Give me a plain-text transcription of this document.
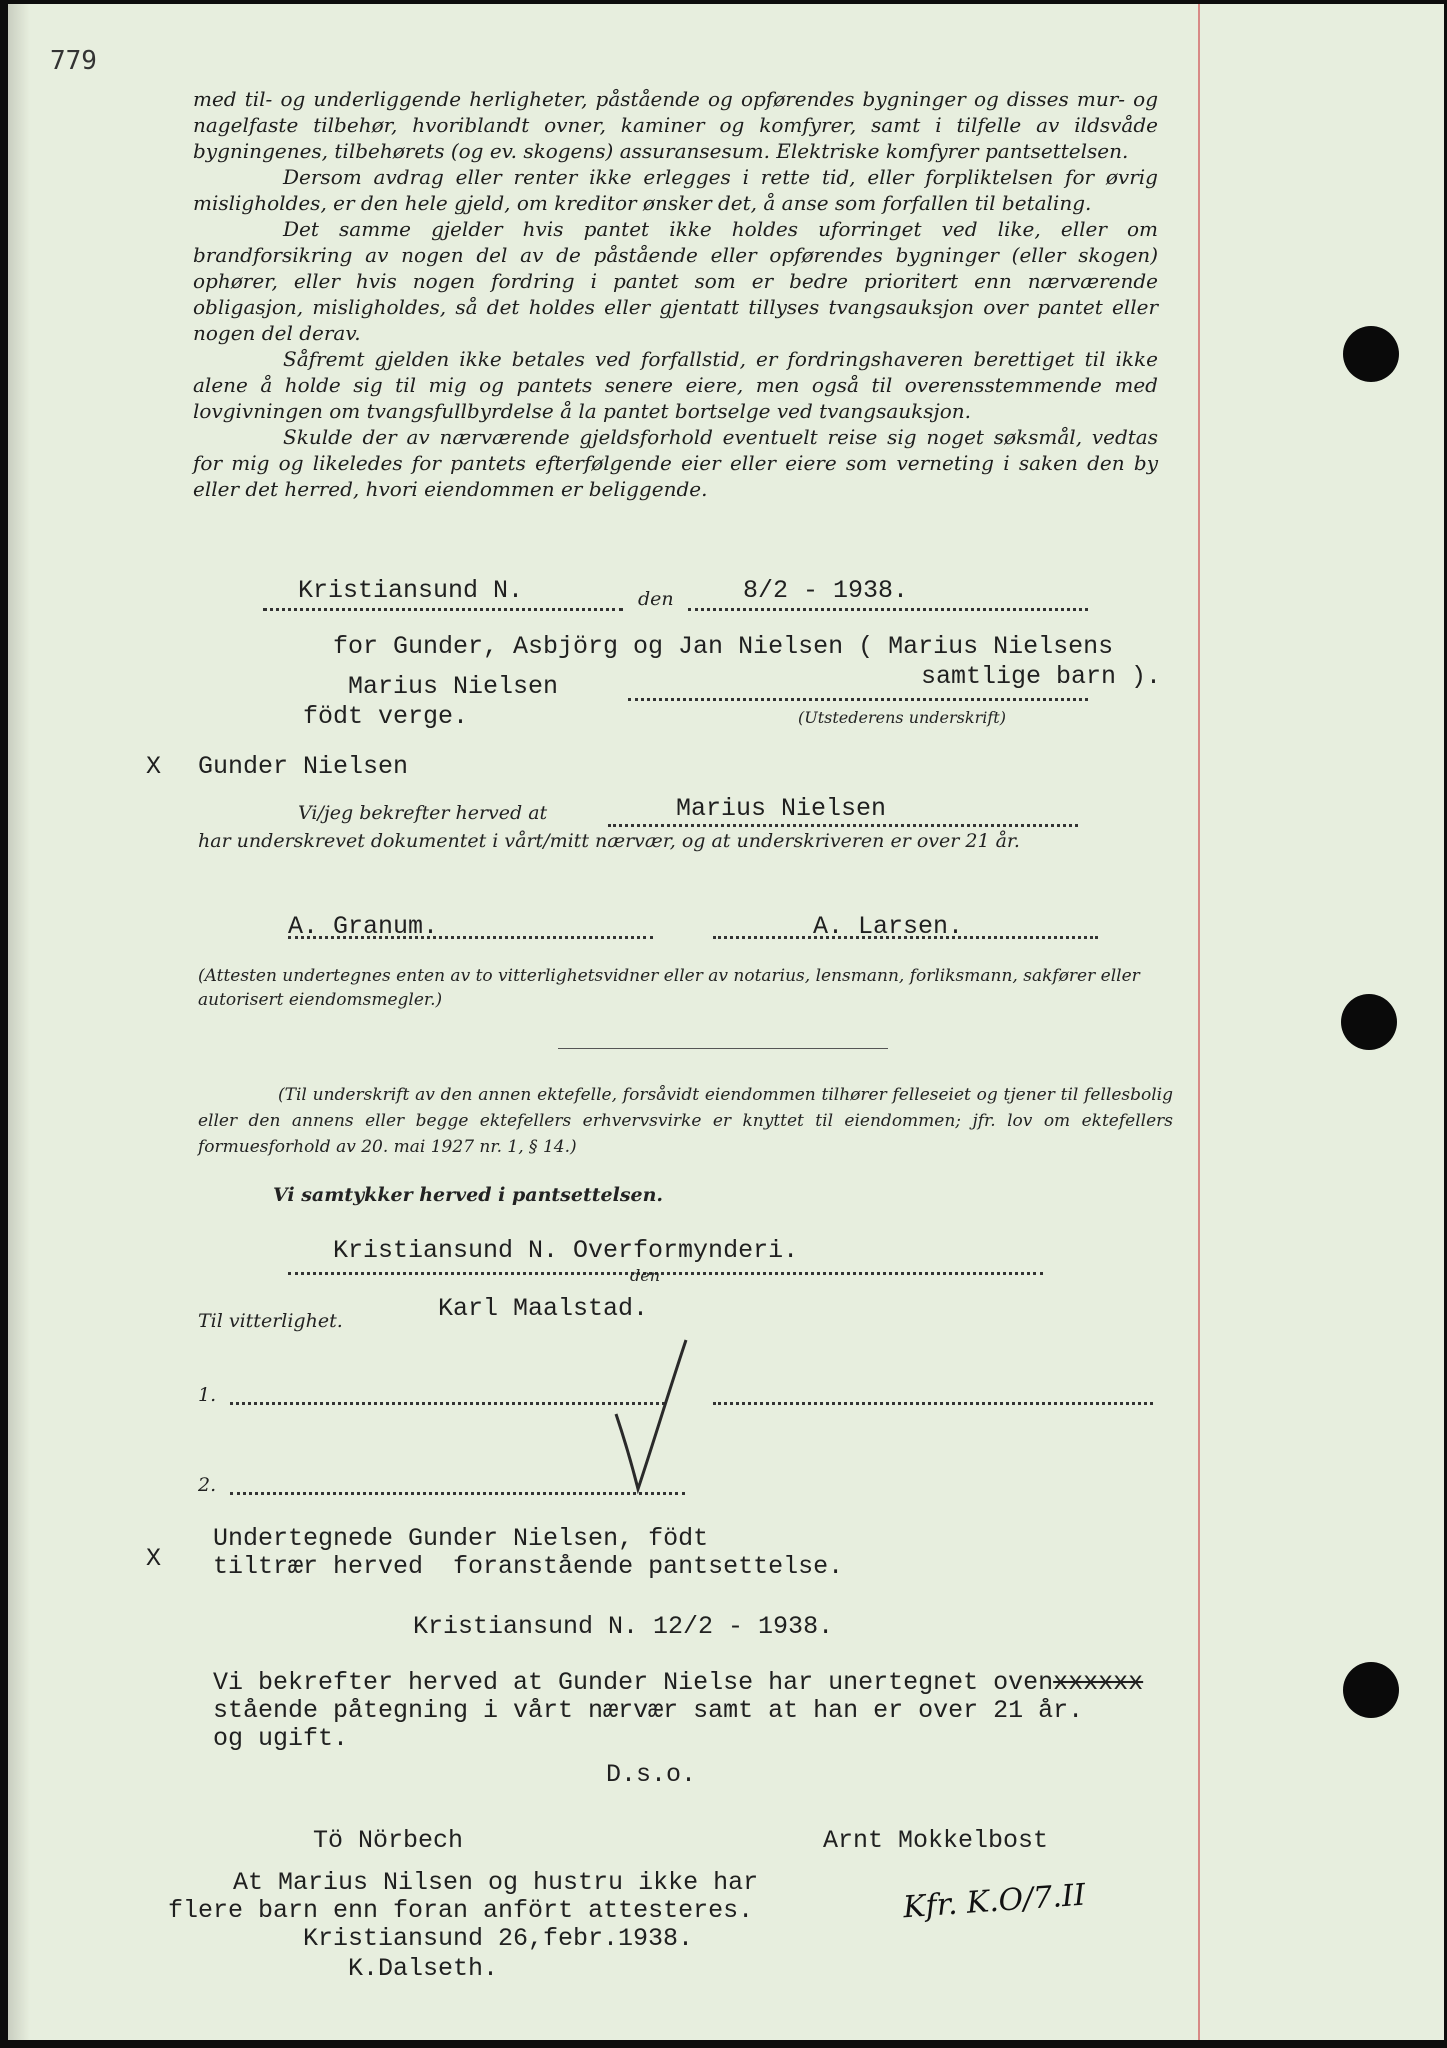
779

med til- og underliggende herligheter, påstående og opførendes bygninger og disses mur- og nagelfaste tilbehør, hvoriblandt ovner, kaminer og komfyrer, samt i tilfelle av ildsvåde bygningenes, tilbehørets (og ev. skogens) assuransesum. Elektriske komfyrer pantsettelsen.

Dersom avdrag eller renter ikke erlegges i rette tid, eller forpliktelsen for øvrig misligholdes, er den hele gjeld, om kreditor ønsker det, å anse som forfallen til betaling.

Det samme gjelder hvis pantet ikke holdes uforringet ved like, eller om brandforsikring av nogen del av de påstående eller opførendes bygninger (eller skogen) ophører, eller hvis nogen fordring i pantet som er bedre prioritert enn nærværende obligasjon, misligholdes, så det holdes eller gjentatt tillyses tvangsauksjon over pantet eller nogen del derav.

Såfremt gjelden ikke betales ved forfallstid, er fordringshaveren berettiget til ikke alene å holde sig til mig og pantets senere eiere, men også til overensstemmende med lovgivningen om tvangsfullbyrdelse å la pantet bortselge ved tvangsauksjon.

Skulde der av nærværende gjeldsforhold eventuelt reise sig noget søksmål, vedtas for mig og likeledes for pantets efterfølgende eier eller eiere som verneting i saken den by eller det herred, hvori eiendommen er beliggende.

Kristiansund N.	den	8/2 - 1938.
for Gunder, Asbjörg og Jan Nielsen ( Marius Nielsens
samtlige barn ).
Marius Nielsen
födt verge.	(Utstederens underskrift)
X Gunder Nielsen
Vi/jeg bekrefter herved at	Marius Nielsen
har underskrevet dokumentet i vårt/mitt nærvær, og at underskriveren er over 21 år.
A. Granum.	A. Larsen.
(Attesten undertegnes enten av to vitterlighetsvidner eller av notarius, lensmann, forliksmann, sakfører eller autorisert eiendomsmegler.)
(Til underskrift av den annen ektefelle, forsåvidt eiendommen tilhører felleseiet og tjener til fellesbolig eller den annens eller begge ektefellers erhvervsvirke er knyttet til eiendommen; jfr. lov om ektefellers formuesforhold av 20. mai 1927 nr. 1, § 14.)
Vi samtykker herved i pantsettelsen.
Kristiansund N. Overformynderi.
den
Karl Maalstad.
Til vitterlighet.
1.
2.
X
Undertegnede Gunder Nielsen, födt
tiltrær herved  foranstående pantsettelse.
Kristiansund N. 12/2 - 1938.
Vi bekrefter herved at Gunder Nielse har unertegnet ovenxxxxxx
stående påtegning i vårt nærvær samt at han er over 21 år.
og ugift.
D.s.o.
Tö Nörbech	Arnt Mokkelbost
At Marius Nilsen og hustru ikke har
flere barn enn foran anfört attesteres.
Kristiansund 26,febr.1938.
K.Dalseth.
Kfr. K.O/7.II
